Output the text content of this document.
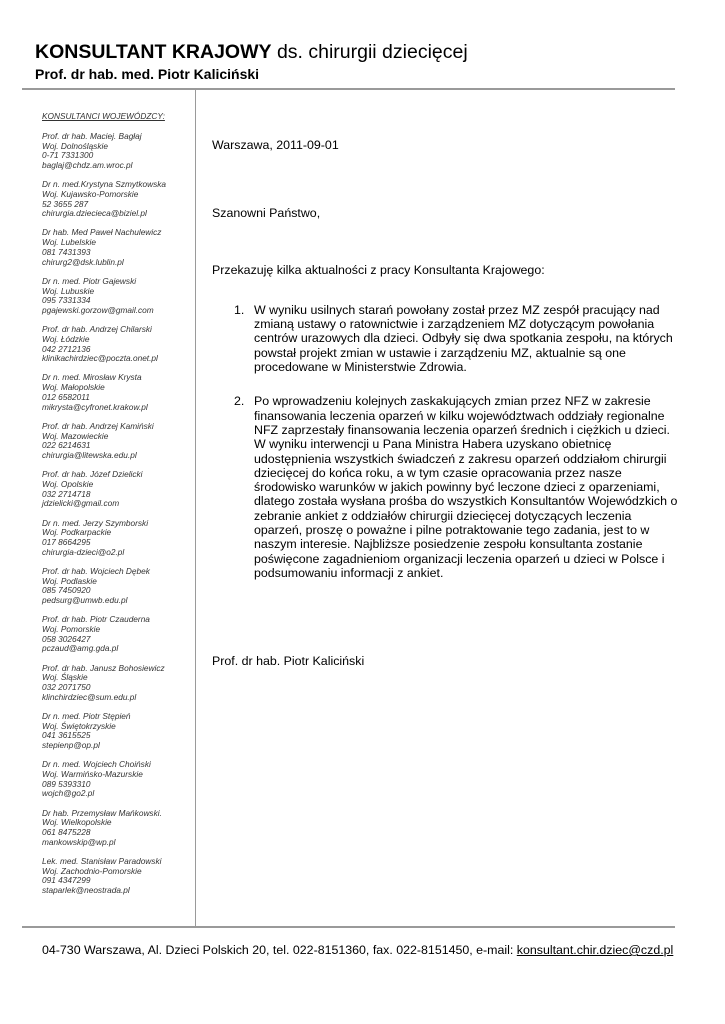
KONSULTANT KRAJOWY ds. chirurgii dziecięcej
Prof. dr hab. med. Piotr Kaliciński
KONSULTANCI WOJEWÓDZCY:
Prof. dr hab. Maciej. Bagłaj
Woj. Dolnośląskie
0-71 7331300
baglaj@chdz.am.wroc.pl
Dr n. med.Krystyna Szmytkowska
Woj. Kujawsko-Pomorskie
52 3655 287
chirurgia.dziecieca@biziel.pl
Dr hab. Med Paweł Nachulewicz
Woj. Lubelskie
081 7431393
chirurg2@dsk.lublin.pl
Dr n. med. Piotr Gajewski
Woj. Lubuskie
095 7331334
pgajewski.gorzow@gmail.com
Prof. dr hab. Andrzej Chilarski
Woj. Łódzkie
042 2712136
klinikachirdziec@poczta.onet.pl
Dr n. med. Mirosław Krysta
Woj. Małopolskie
012 6582011
mikrysta@cyfronet.krakow.pl
Prof. dr hab. Andrzej Kamiński
Woj. Mazowieckie
022 6214631
chirurgia@litewska.edu.pl
Prof. dr hab. Józef Dzielicki
Woj. Opolskie
032 2714718
jdzielicki@gmail.com
Dr n. med. Jerzy Szymborski
Woj. Podkarpackie
017 8664295
chirurgia-dzieci@o2.pl
Prof. dr hab. Wojciech Dębek
Woj. Podlaskie
085 7450920
pedsurg@umwb.edu.pl
Prof. dr hab. Piotr Czauderna
Woj. Pomorskie
058 3026427
pczaud@amg.gda.pl
Prof. dr hab. Janusz Bohosiewicz
Woj. Śląskie
032 2071750
klinchirdziec@sum.edu.pl
Dr n. med. Piotr Stępień
Woj. Świętokrzyskie
041 3615525
stepienp@op.pl
Dr n. med. Wojciech Choiński
Woj. Warmińsko-Mazurskie
089 5393310
wojch@go2.pl
Dr hab. Przemysław Mańkowski.
Woj. Wielkopolskie
061 8475228
mankowskip@wp.pl
Lek. med. Stanisław Paradowski
Woj. Zachodnio-Pomorskie
091 4347299
staparlek@neostrada.pl

Warszawa, 2011-09-01

Szanowni Państwo,

Przekazuję kilka aktualności z pracy Konsultanta Krajowego:

1. W wyniku usilnych starań powołany został przez MZ zespół pracujący nad zmianą ustawy o ratownictwie i zarządzeniem MZ dotyczącym powołania centrów urazowych dla dzieci. Odbyły się dwa spotkania zespołu, na których powstał projekt zmian w ustawie i zarządzeniu MZ, aktualnie są one procedowane w Ministerstwie Zdrowia.
2. Po wprowadzeniu kolejnych zaskakujących zmian przez NFZ w zakresie finansowania leczenia oparzeń w kilku województwach oddziały regionalne NFZ zaprzestały finansowania leczenia oparzeń średnich i ciężkich u dzieci. W wyniku interwencji u Pana Ministra Habera uzyskano obietnicę udostępnienia wszystkich świadczeń z zakresu oparzeń oddziałom chirurgii dziecięcej do końca roku, a w tym czasie opracowania przez nasze środowisko warunków w jakich powinny być leczone dzieci z oparzeniami, dlatego została wysłana prośba do wszystkich Konsultantów Wojewódzkich o zebranie ankiet z oddziałów chirurgii dziecięcej dotyczących leczenia oparzeń, proszę o poważne i pilne potraktowanie tego zadania, jest to w naszym interesie. Najbliższe posiedzenie zespołu konsultanta zostanie poświęcone zagadnieniom organizacji leczenia oparzeń u dzieci w Polsce i podsumowaniu informacji z ankiet.

Prof. dr hab. Piotr Kaliciński

04-730 Warszawa, Al. Dzieci Polskich 20, tel. 022-8151360, fax. 022-8151450, e-mail: konsultant.chir.dziec@czd.pl
